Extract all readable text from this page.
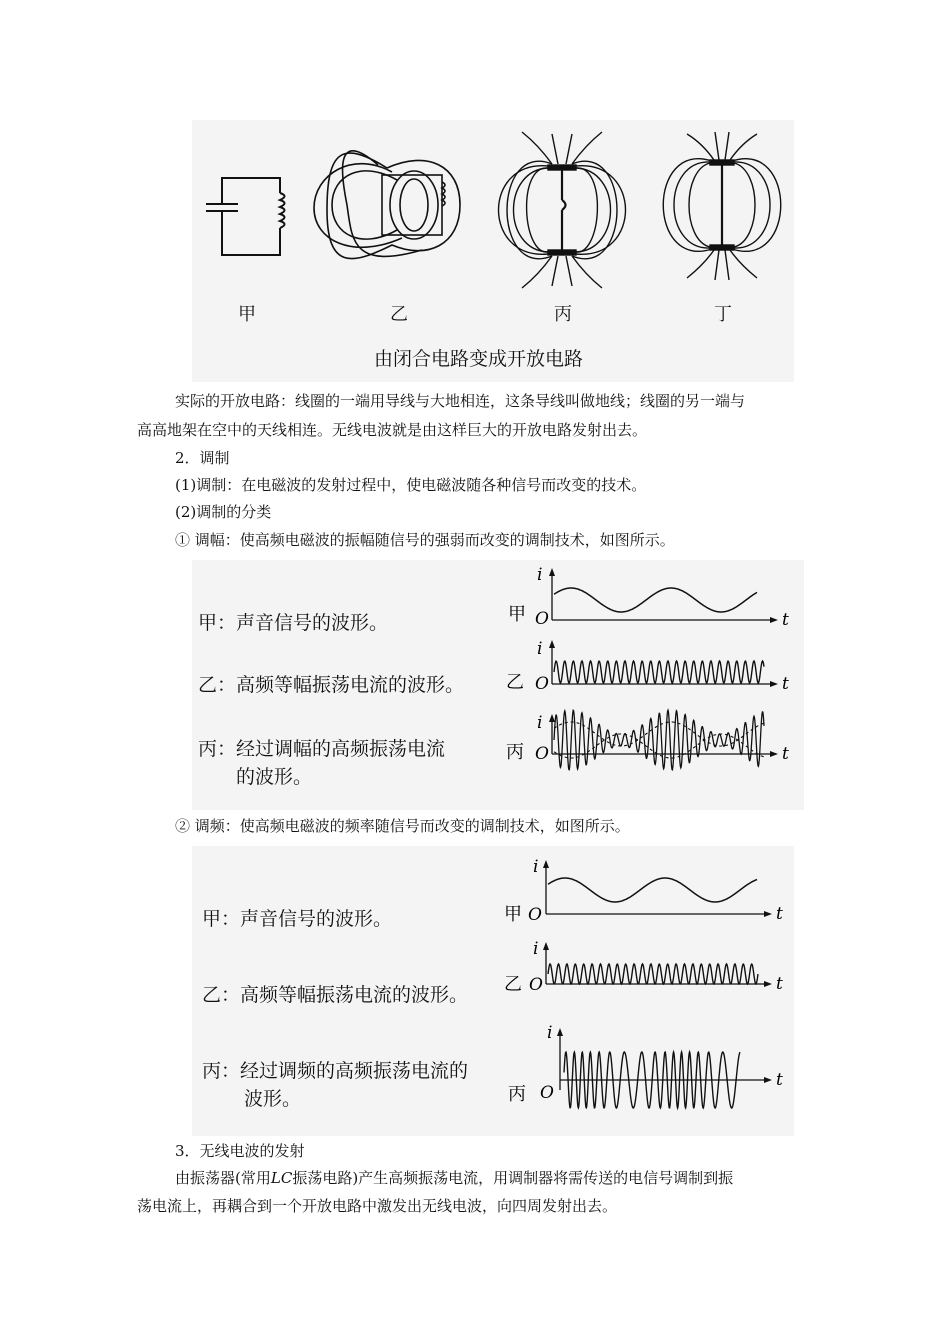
甲	乙	丙	丁
由闭合电路变成开放电路
实际的开放电路：线圈的一端用导线与大地相连，这条导线叫做地线；线圈的另一端与
高高地架在空中的天线相连。无线电波就是由这样巨大的开放电路发射出去。
2．调制
(1)调制：在电磁波的发射过程中，使电磁波随各种信号而改变的技术。
(2)调制的分类
① 调幅：使高频电磁波的振幅随信号的强弱而改变的调制技术，如图所示。
甲：声音信号的波形。
乙：高频等幅振荡电流的波形。
丙：经过调幅的高频振荡电流
的波形。
i
t
O
甲
i
t
O
乙
i
t
O
丙
② 调频：使高频电磁波的频率随信号而改变的调制技术，如图所示。
甲：声音信号的波形。
乙：高频等幅振荡电流的波形。
丙：经过调频的高频振荡电流的
波形。
i
t
O
甲
i
t
O
乙
i
t
O
丙
3．无线电波的发射
由振荡器(常用LC振荡电路)产生高频振荡电流，用调制器将需传送的电信号调制到振
荡电流上，再耦合到一个开放电路中激发出无线电波，向四周发射出去。
